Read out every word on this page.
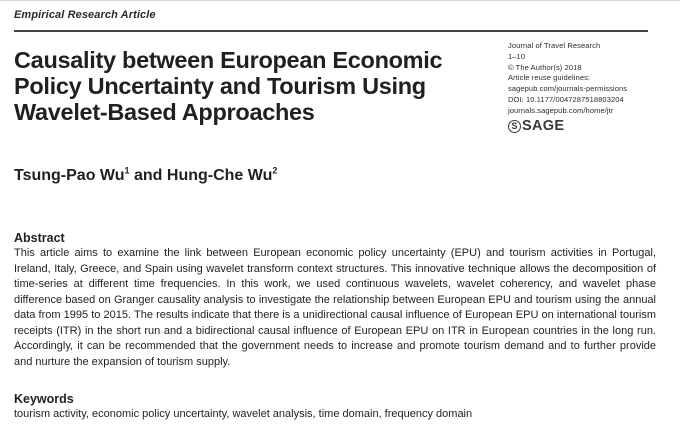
Empirical Research Article
Causality between European Economic
Policy Uncertainty and Tourism Using
Wavelet-Based Approaches
Journal of Travel Research
1–10
© The Author(s) 2018
Article reuse guidelines:
sagepub.com/journals-permissions
DOI: 10.1177/0047287518803204
journals.sagepub.com/home/jtr
S SAGE
Tsung-Pao Wu$^1$ and Hung-Che Wu$^2$
Abstract

This article aims to examine the link between European economic policy uncertainty (EPU) and tourism activities in Portugal, Ireland, Italy, Greece, and Spain using wavelet transform context structures. This innovative technique allows the decomposition of time-series at different time frequencies. In this work, we used continuous wavelets, wavelet coherency, and wavelet phase difference based on Granger causality analysis to investigate the relationship between European EPU and tourism using the annual data from 1995 to 2015. The results indicate that there is a unidirectional causal influence of European EPU on international tourism receipts (ITR) in the short run and a bidirectional causal influence of European EPU on ITR in European countries in the long run. Accordingly, it can be recommended that the government needs to increase and promote tourism demand and to further provide and nurture the expansion of tourism supply.

Keywords
tourism activity, economic policy uncertainty, wavelet analysis, time domain, frequency domain
